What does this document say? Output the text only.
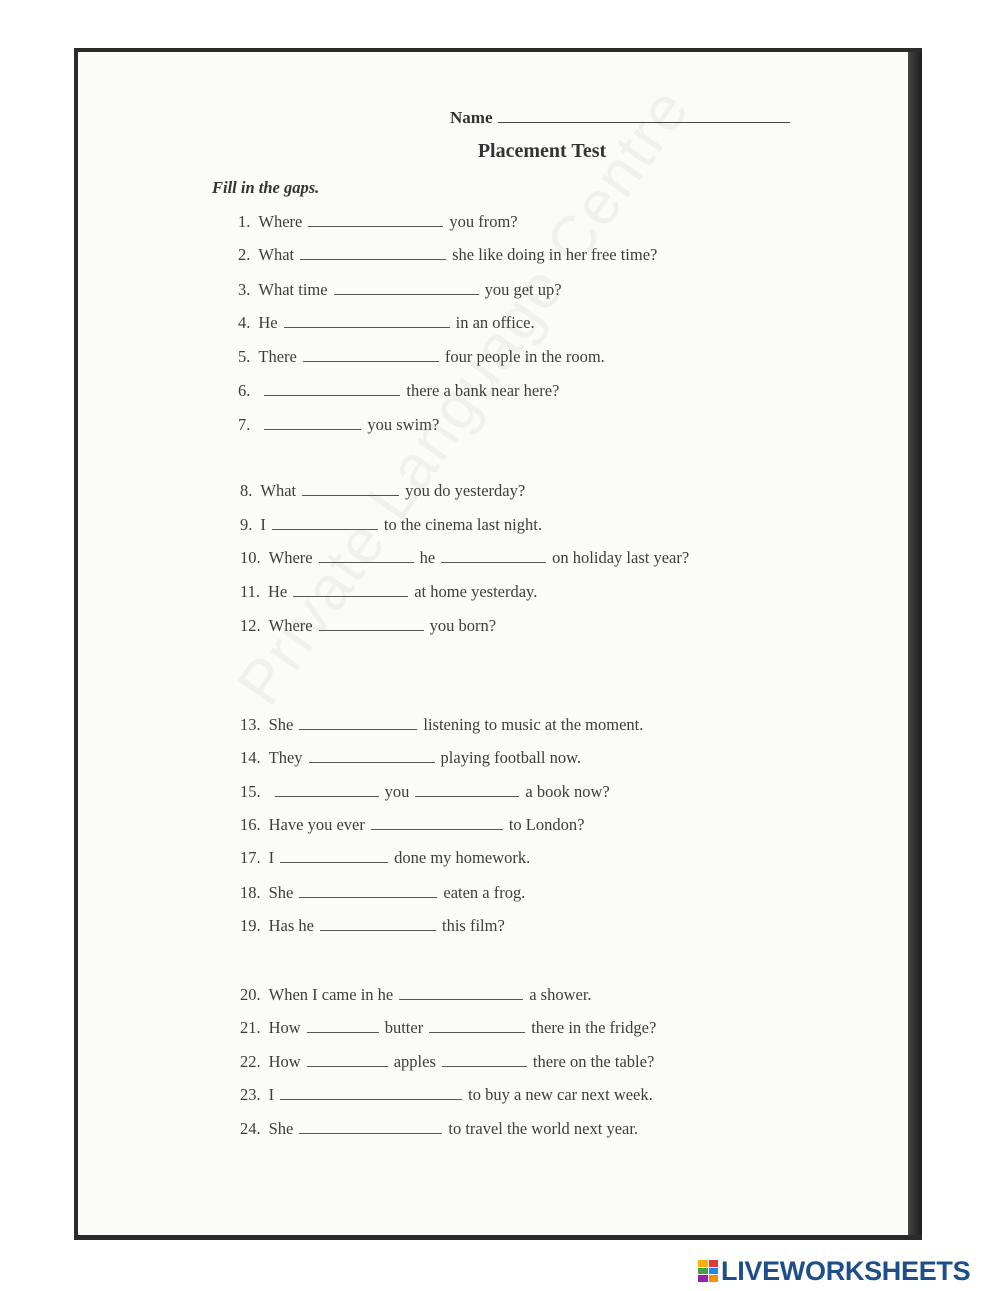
Name
Placement Test
Fill in the gaps.
1. Where	you from?
2. What	she like doing in her free time?
3. What time	you get up?
4. He	in an office.
5. There	four people in the room.
6.	there a bank near here?
7.	you swim?
8. What	you do yesterday?
9. I	to the cinema last night.
10. Where	he	on holiday last year?
11. He	at home yesterday.
12. Where	you born?
13. She	listening to music at the moment.
14. They	playing football now.
15.	you	a book now?
16. Have you ever	to London?
17. I	done my homework.
18. She	eaten a frog.
19. Has he	this film?
20. When I came in he	a shower.
21. How	butter	there in the fridge?
22. How	apples	there on the table?
23. I	to buy a new car next week.
24. She	to travel the world next year.
LIVEWORKSHEETS
